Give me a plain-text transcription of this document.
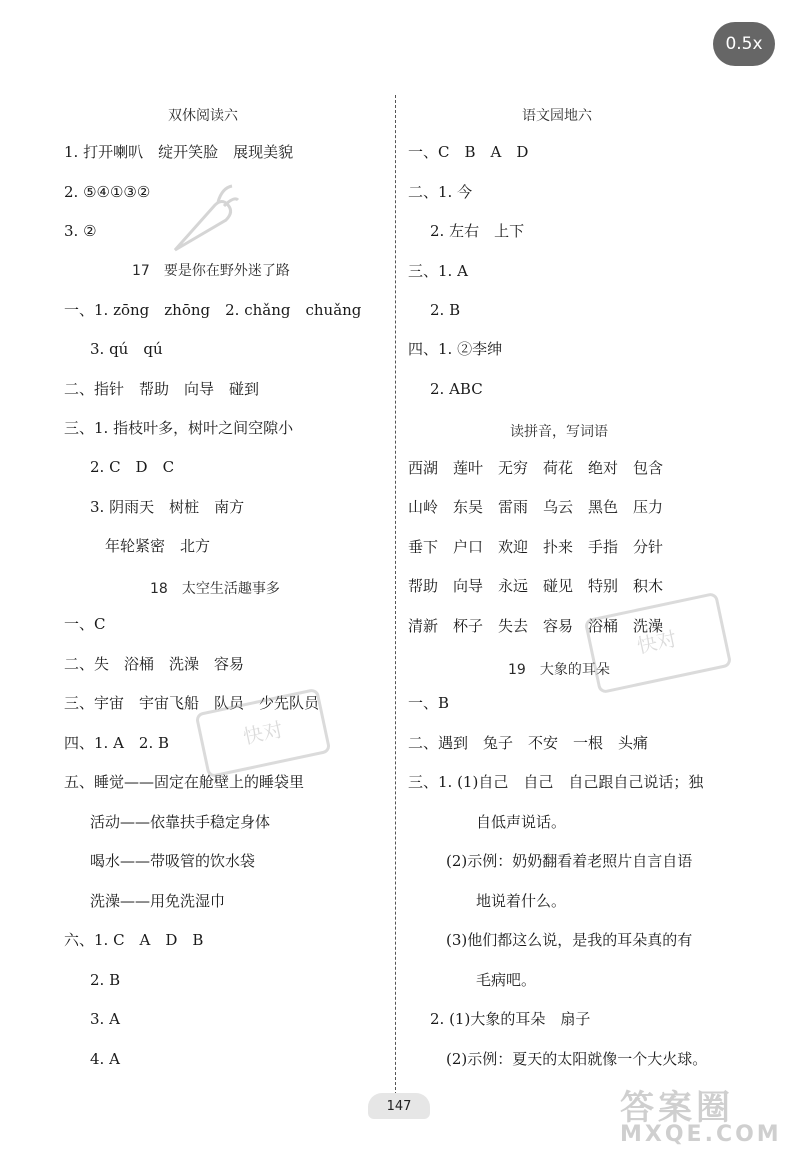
0.5x
双休阅读六
1. 打开喇叭　绽开笑脸　展现美貌
2. ⑤④①③②
3. ②
17　要是你在野外迷了路
一、1. zōng　zhōng　2. chǎng　chuǎng
3. qú　qú
二、指针　帮助　向导　碰到
三、1. 指枝叶多，树叶之间空隙小
2. C　D　C
3. 阴雨天　树桩　南方
年轮紧密　北方
18　太空生活趣事多
一、C
二、失　浴桶　洗澡　容易
三、宇宙　宇宙飞船　队员　少先队员
四、1. A　2. B
五、睡觉——固定在舱壁上的睡袋里
活动——依靠扶手稳定身体
喝水——带吸管的饮水袋
洗澡——用免洗湿巾
六、1. C　A　D　B
2. B
3. A
4. A
语文园地六
一、C　B　A　D
二、1. 今
2. 左右　上下
三、1. A
2. B
四、1. ②李绅
2. ABC
读拼音，写词语
西湖　莲叶　无穷　荷花　绝对　包含
山岭　东吴　雷雨　乌云　黑色　压力
垂下　户口　欢迎　扑来　手指　分针
帮助　向导　永远　碰见　特别　积木
清新　杯子　失去　容易　浴桶　洗澡
19　大象的耳朵
一、B
二、遇到　兔子　不安　一根　头痛
三、1. (1)自己　自己　自己跟自己说话；独
自低声说话。
(2)示例：奶奶翻看着老照片自言自语
地说着什么。
(3)他们都这么说，是我的耳朵真的有
毛病吧。
2. (1)大象的耳朵　扇子
(2)示例：夏天的太阳就像一个大火球。
快对
快对
答案圈
MXQE.COM
147
